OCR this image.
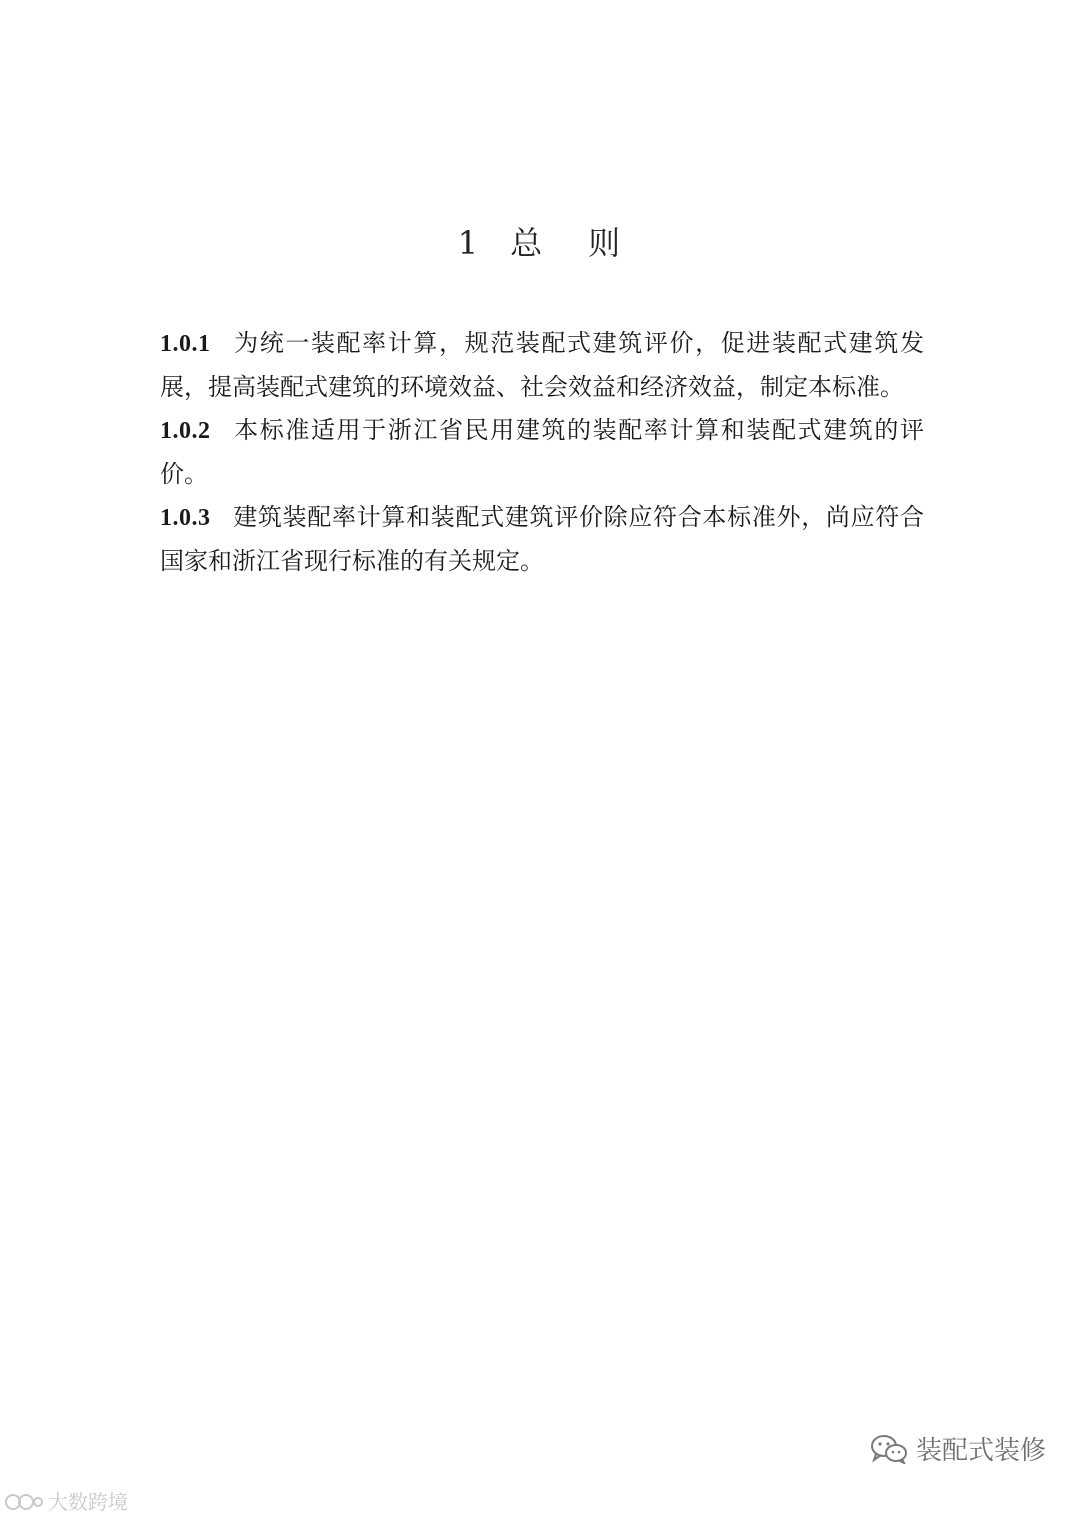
1 总 则

1.0.1 为统一装配率计算，规范装配式建筑评价，促进装配式建筑发展，提高装配式建筑的环境效益、社会效益和经济效益，制定本标准。

1.0.2 本标准适用于浙江省民用建筑的装配率计算和装配式建筑的评价。

1.0.3 建筑装配率计算和装配式建筑评价除应符合本标准外，尚应符合国家和浙江省现行标准的有关规定。

装配式装修
大数跨境
